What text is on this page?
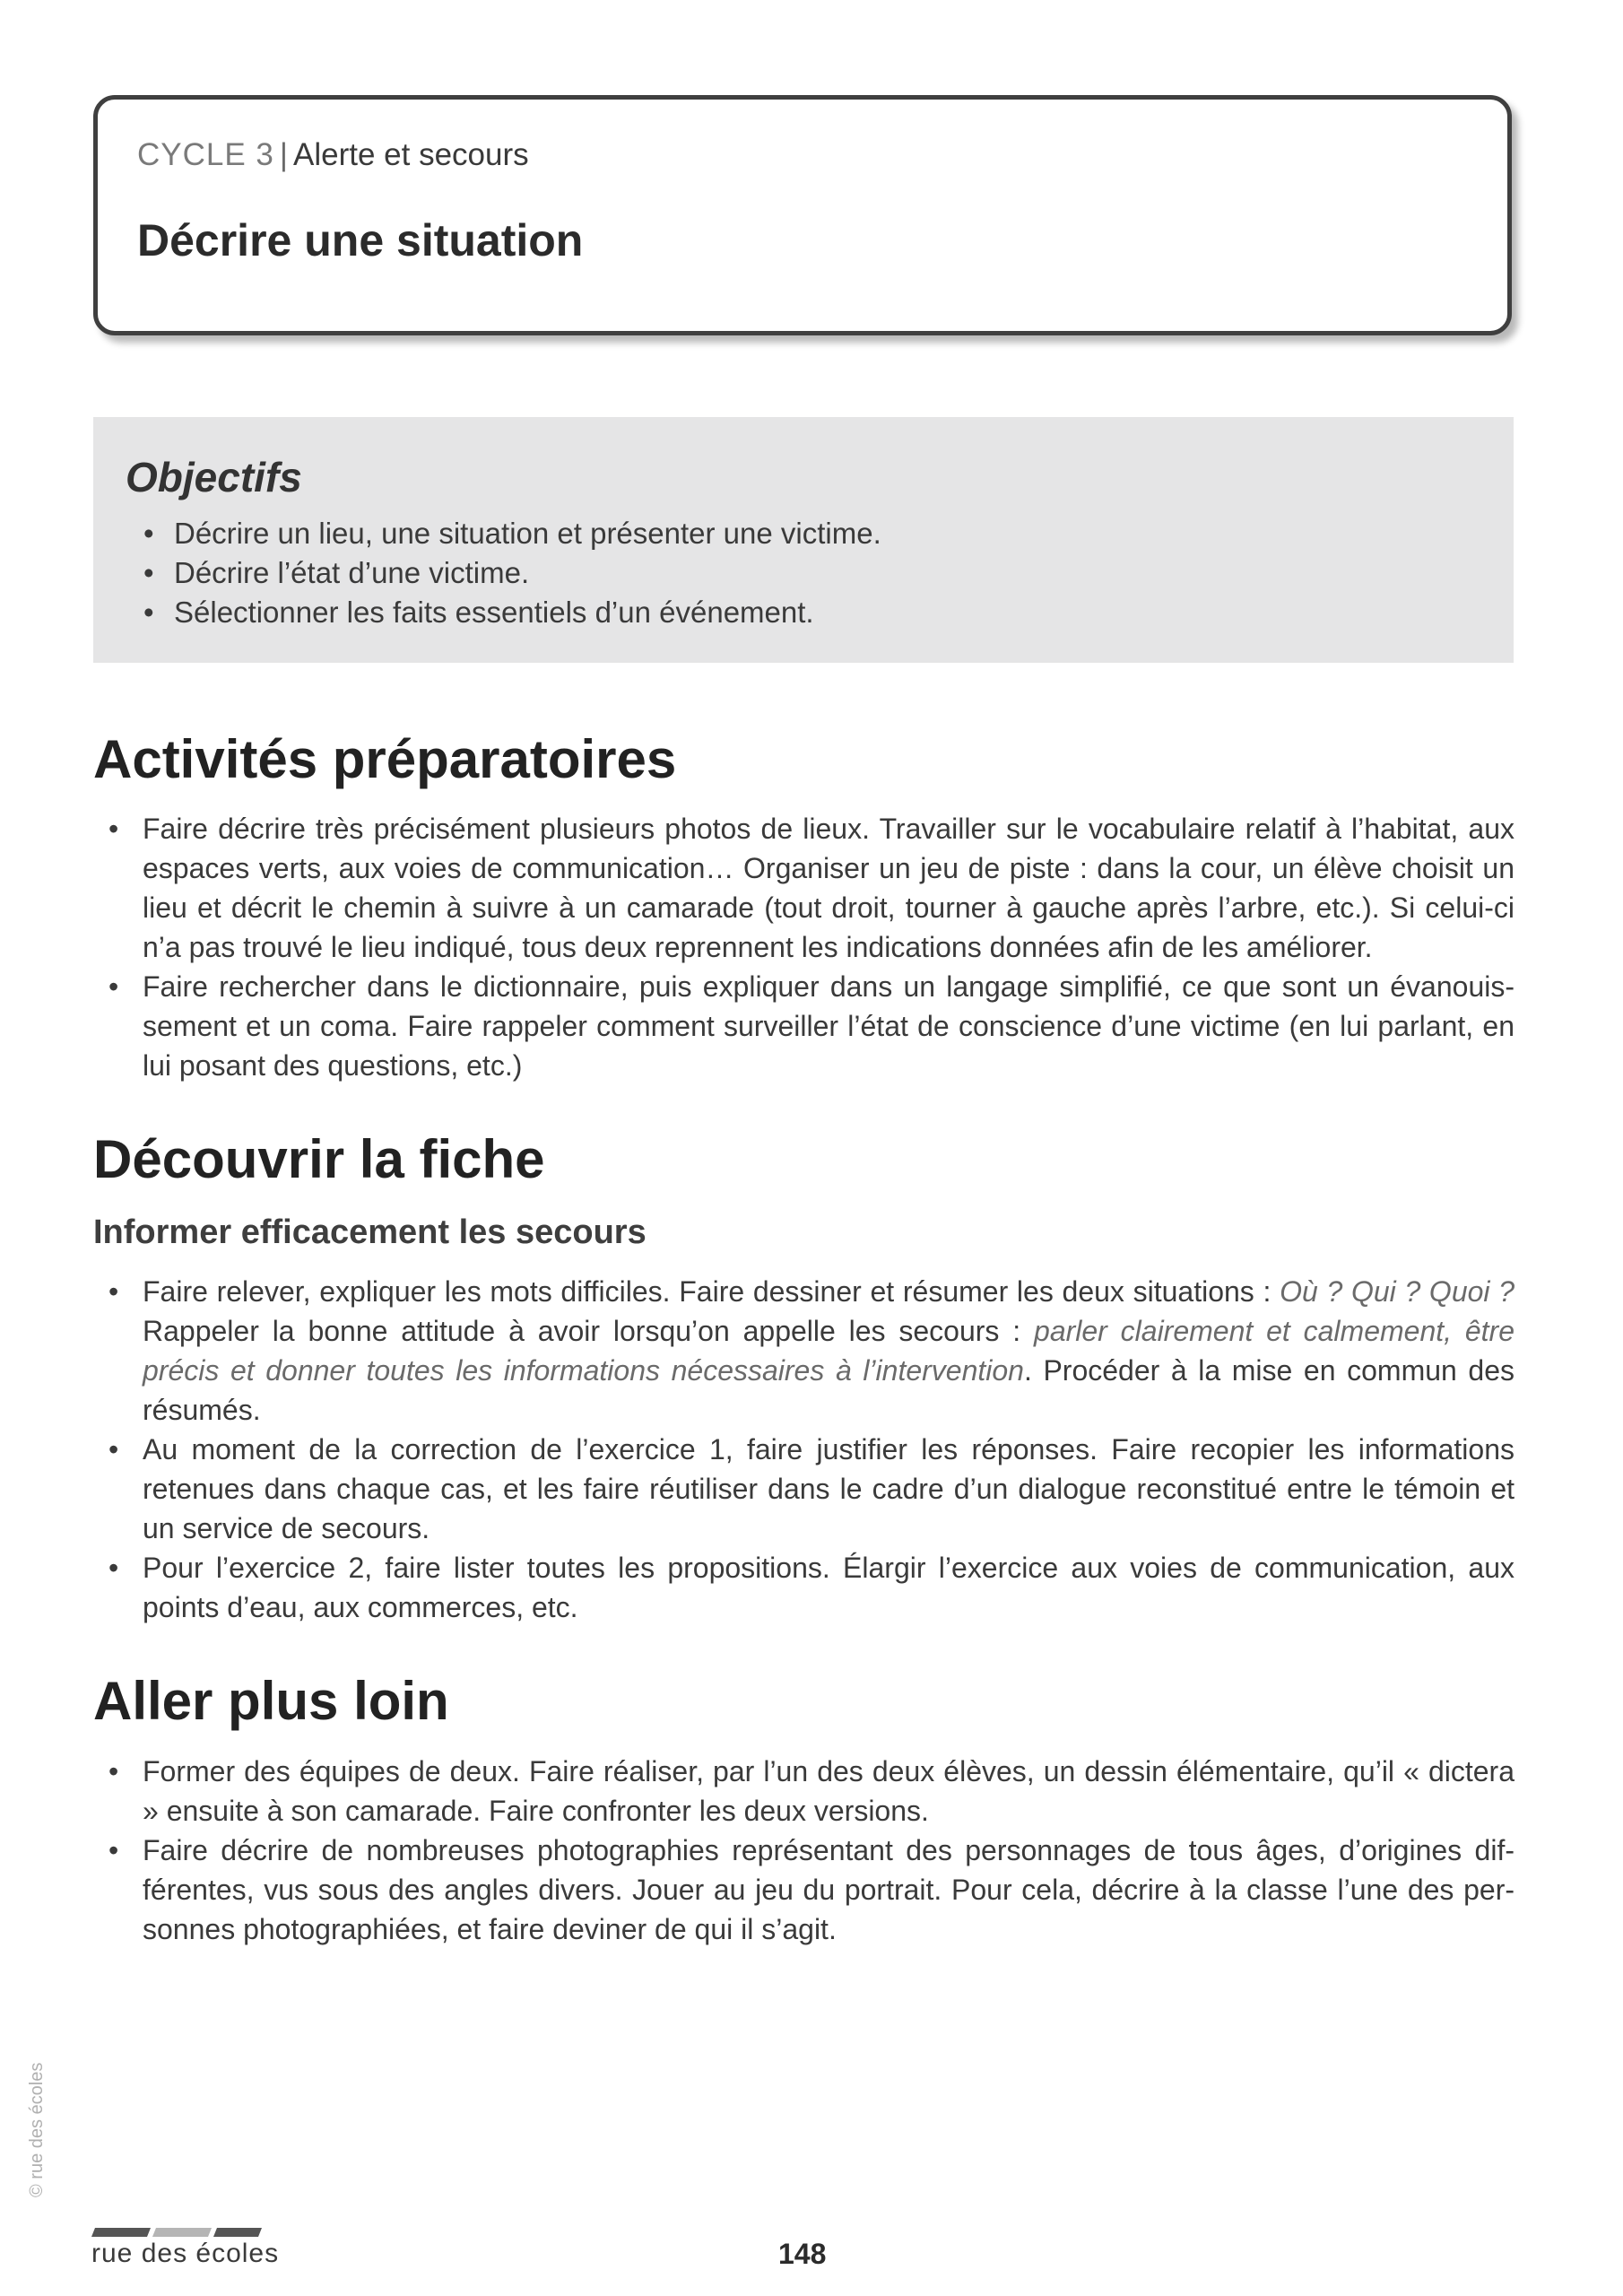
CYCLE 3 | Alerte et secours
Décrire une situation
Objectifs
• Décrire un lieu, une situation et présenter une victime.
• Décrire l’état d’une victime.
• Sélectionner les faits essentiels d’un événement.
Activités préparatoires
• Faire décrire très précisément plusieurs photos de lieux. Travailler sur le vocabulaire relatif à l’habitat, aux espaces verts, aux voies de communication… Organiser un jeu de piste : dans la cour, un élève choisit un lieu et décrit le chemin à suivre à un camarade (tout droit, tourner à gauche après l’arbre, etc.). Si celui-ci n’a pas trouvé le lieu indiqué, tous deux reprennent les indications données afin de les améliorer.
• Faire rechercher dans le dictionnaire, puis expliquer dans un langage simplifié, ce que sont un évanouissement et un coma. Faire rappeler comment surveiller l’état de conscience d’une victime (en lui parlant, en lui posant des questions, etc.)
Découvrir la fiche
Informer efficacement les secours
• Faire relever, expliquer les mots difficiles. Faire dessiner et résumer les deux situations : Où ? Qui ? Quoi ? Rappeler la bonne attitude à avoir lorsqu’on appelle les secours : parler clairement et calmement, être précis et donner toutes les informations nécessaires à l’intervention. Procéder à la mise en commun des résumés.
• Au moment de la correction de l’exercice 1, faire justifier les réponses. Faire recopier les informations retenues dans chaque cas, et les faire réutiliser dans le cadre d’un dialogue reconstitué entre le témoin et un service de secours.
• Pour l’exercice 2, faire lister toutes les propositions. Élargir l’exercice aux voies de communication, aux points d’eau, aux commerces, etc.
Aller plus loin
• Former des équipes de deux. Faire réaliser, par l’un des deux élèves, un dessin élémentaire, qu’il « dictera » ensuite à son camarade. Faire confronter les deux versions.
• Faire décrire de nombreuses photographies représentant des personnages de tous âges, d’origines différentes, vus sous des angles divers. Jouer au jeu du portrait. Pour cela, décrire à la classe l’une des personnes photographiées, et faire deviner de qui il s’agit.
© rue des écoles
rue des écoles	148
